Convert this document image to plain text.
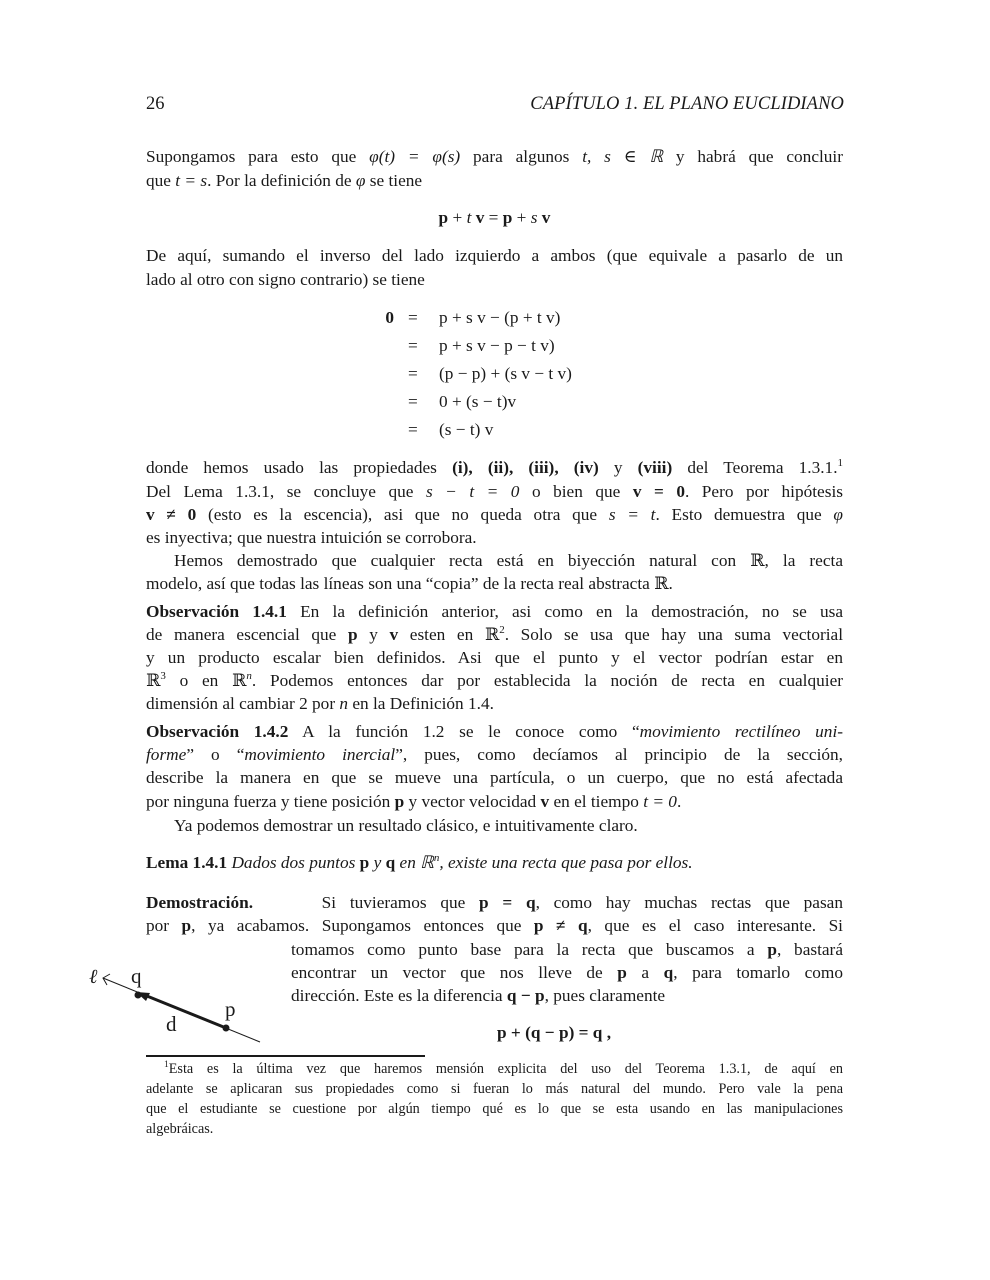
26	CAPÍTULO 1. EL PLANO EUCLIDIANO
Supongamos para esto que φ(t) = φ(s) para algunos t, s ∈ ℝ y habrá que concluir
que t = s. Por la definición de φ se tiene
p + t v = p + s v
De aquí, sumando el inverso del lado izquierdo a ambos (que equivale a pasarlo de un
lado al otro con signo contrario) se tiene
0 = p + s v − (p + t v)
= p + s v − p − t v)
= (p − p) + (s v − t v)
= 0 + (s − t)v
= (s − t) v
donde hemos usado las propiedades (i), (ii), (iii), (iv) y (viii) del Teorema 1.3.1.$^1$
Del Lema 1.3.1, se concluye que s − t = 0 o bien que v = 0. Pero por hipótesis
v ≠ 0 (esto es la escencia), asi que no queda otra que s = t. Esto demuestra que φ
es inyectiva; que nuestra intuición se corrobora.
Hemos demostrado que cualquier recta está en biyección natural con ℝ, la recta
modelo, así que todas las líneas son una “copia” de la recta real abstracta ℝ.
Observación 1.4.1 En la definición anterior, asi como en la demostración, no se usa
de manera escencial que p y v esten en ℝ$^2$. Solo se usa que hay una suma vectorial
y un producto escalar bien definidos. Asi que el punto y el vector podrían estar en
ℝ$^3$ o en ℝ$^n$. Podemos entonces dar por establecida la noción de recta en cualquier
dimensión al cambiar 2 por n en la Definición 1.4.
Observación 1.4.2 A la función 1.2 se le conoce como “movimiento rectilíneo uni-
forme” o “movimiento inercial”, pues, como decíamos al principio de la sección,
describe la manera en que se mueve una partícula, o un cuerpo, que no está afectada
por ninguna fuerza y tiene posición p y vector velocidad v en el tiempo t = 0.
Ya podemos demostrar un resultado clásico, e intuitivamente claro.
Lema 1.4.1 Dados dos puntos p y q en ℝ$^n$, existe una recta que pasa por ellos.
Demostración.     Si tuvieramos que p = q, como hay muchas rectas que pasan
por p, ya acabamos. Supongamos entonces que p ≠ q, que es el caso interesante. Si
tomamos como punto base para la recta que buscamos a p, bastará
encontrar un vector que nos lleve de p a q, para tomarlo como
dirección. Este es la diferencia q − p, pues claramente
p + (q − p) = q ,
ℓ q
p
d
$^1$Esta es la última vez que haremos mensión explicita del uso del Teorema 1.3.1, de aquí en
adelante se aplicaran sus propiedades como si fueran lo más natural del mundo. Pero vale la pena
que el estudiante se cuestione por algún tiempo qué es lo que se esta usando en las manipulaciones
algebráicas.
